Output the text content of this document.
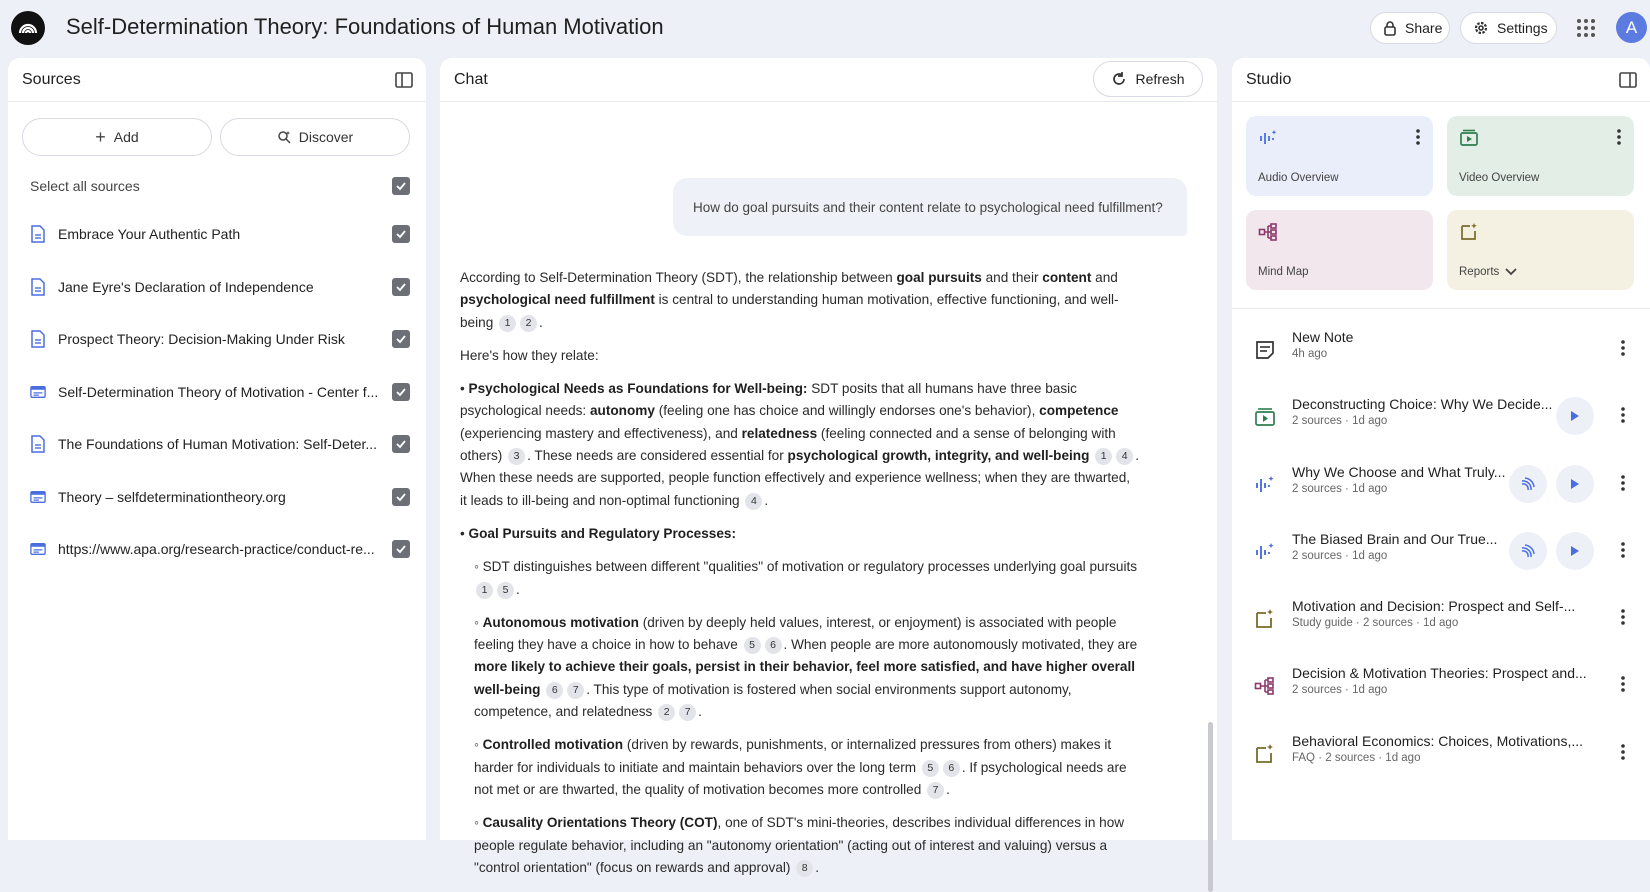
Self-Determination Theory: Foundations of Human Motivation	Share	Settings	A
Sources
+ Add	Discover
Select all sources
Embrace Your Authentic Path
Jane Eyre's Declaration of Independence
Prospect Theory: Decision-Making Under Risk
Self-Determination Theory of Motivation - Center f...
The Foundations of Human Motivation: Self-Deter...
Theory – selfdeterminationtheory.org
https://www.apa.org/research-practice/conduct-re...
Chat	Refresh
How do goal pursuits and their content relate to psychological need fulfillment?

According to Self-Determination Theory (SDT), the relationship between goal pursuits and their content and
psychological need fulfillment is central to understanding human motivation, effective functioning, and well-being 1 2 .

Here's how they relate:

• Psychological Needs as Foundations for Well-being: SDT posits that all humans have three basic psychological needs: autonomy (feeling one has choice and willingly endorses one's behavior), competence (experiencing mastery and effectiveness), and relatedness (feeling connected and a sense of belonging with others) 3 . These needs are considered essential for psychological growth, integrity, and well-being 1 4 . When these needs are supported, people function effectively and experience wellness; when they are thwarted, it leads to ill-being and non-optimal functioning 4 .

• Goal Pursuits and Regulatory Processes:

◦ SDT distinguishes between different "qualities" of motivation or regulatory processes underlying goal pursuits
1 5 .

◦ Autonomous motivation (driven by deeply held values, interest, or enjoyment) is associated with people feeling they have a choice in how to behave 5 6 . When people are more autonomously motivated, they are more likely to achieve their goals, persist in their behavior, feel more satisfied, and have higher overall well-being 6 7 . This type of motivation is fostered when social environments support autonomy, competence, and relatedness 2 7 .

◦ Controlled motivation (driven by rewards, punishments, or internalized pressures from others) makes it harder for individuals to initiate and maintain behaviors over the long term 5 6 . If psychological needs are not met or are thwarted, the quality of motivation becomes more controlled 7 .

◦ Causality Orientations Theory (COT), one of SDT's mini-theories, describes individual differences in how people regulate behavior, including an "autonomy orientation" (acting out of interest and valuing) versus a "control orientation" (focus on rewards and approval) 8 .

Studio
Audio Overview	Video Overview
Mind Map	Reports
New Note
4h ago
Deconstructing Choice: Why We Decide...
2 sources · 1d ago
Why We Choose and What Truly...
2 sources · 1d ago
The Biased Brain and Our True...
2 sources · 1d ago
Motivation and Decision: Prospect and Self-...
Study guide · 2 sources · 1d ago
Decision & Motivation Theories: Prospect and...
2 sources · 1d ago
Behavioral Economics: Choices, Motivations,...
FAQ · 2 sources · 1d ago
